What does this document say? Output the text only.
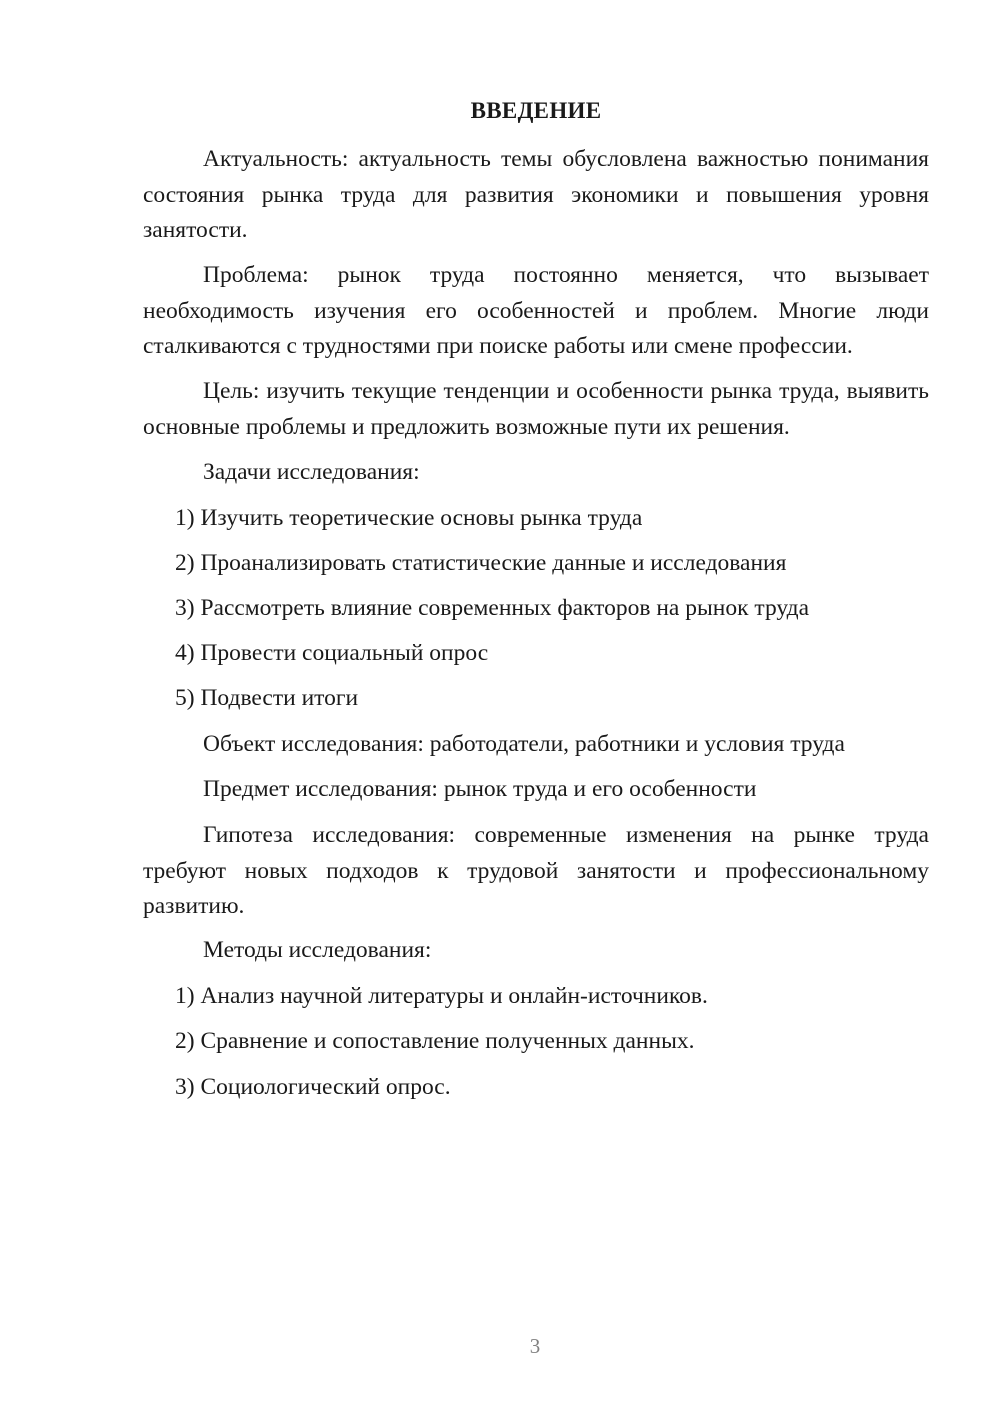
ВВЕДЕНИЕ

Актуальность: актуальность темы обусловлена важностью понимания состояния рынка труда для развития экономики и повышения уровня занятости.

Проблема: рынок труда постоянно меняется, что вызывает необходимость изучения его особенностей и проблем. Многие люди сталкиваются с трудностями при поиске работы или смене профессии.

Цель: изучить текущие тенденции и особенности рынка труда, выявить основные проблемы и предложить возможные пути их решения.

Задачи исследования:

1) Изучить теоретические основы рынка труда

2) Проанализировать статистические данные и исследования

3) Рассмотреть влияние современных факторов на рынок труда

4) Провести социальный опрос

5) Подвести итоги

Объект исследования: работодатели, работники и условия труда

Предмет исследования: рынок труда и его особенности

Гипотеза исследования: современные изменения на рынке труда требуют новых подходов к трудовой занятости и профессиональному развитию.

Методы исследования:

1) Анализ научной литературы и онлайн-источников.

2) Сравнение и сопоставление полученных данных.

3) Социологический опрос.

3
